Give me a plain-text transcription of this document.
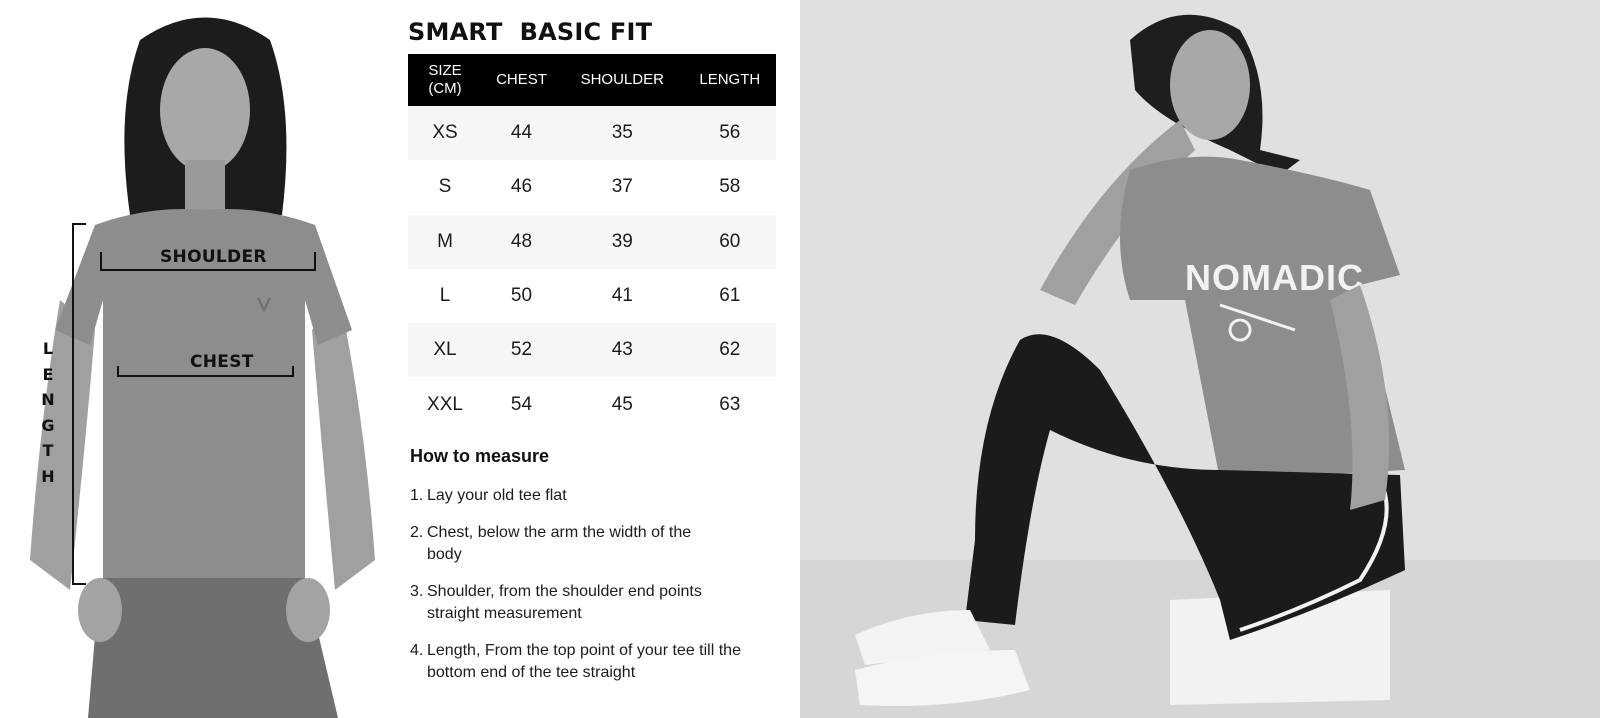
SHOULDER
CHEST
L
E
N
G
T
H
SMART  BASIC FIT
SIZE
(CM)	CHEST	SHOULDER	LENGTH
XS	44	35	56
S	46	37	58
M	48	39	60
L	50	41	61
XL	52	43	62
XXL	54	45	63
How to measure
1. Lay your old tee flat
2. Chest, below the arm the width of the body
3. Shoulder, from the shoulder end points straight measurement
4. Length, From the top point of your tee till the bottom end of the tee straight
NOMADIC
